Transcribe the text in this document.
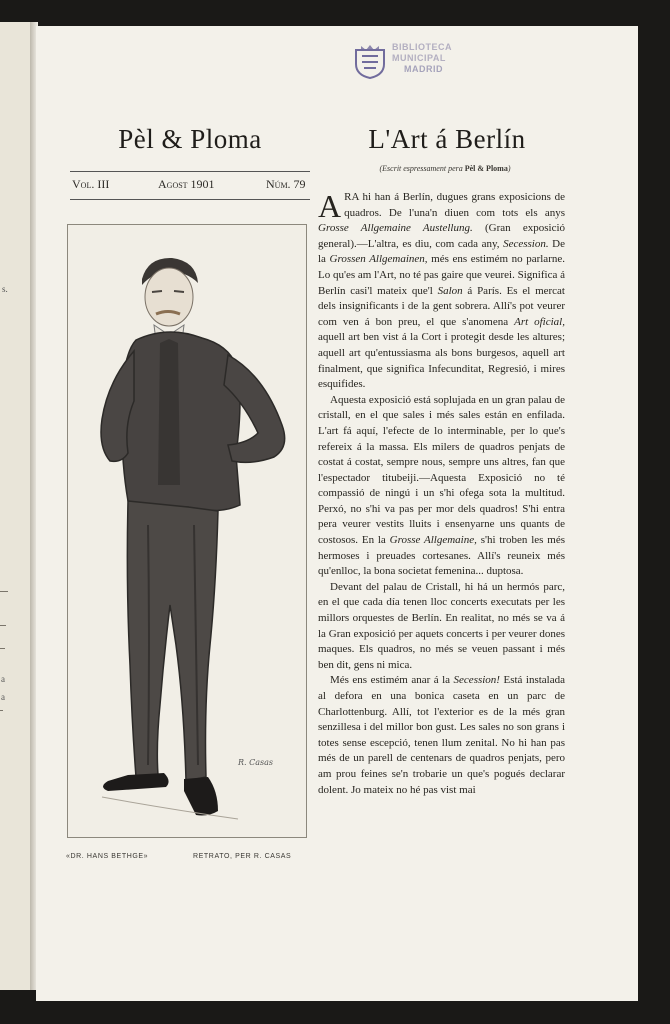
s.
a
a
BIBLIOTECA
MUNICIPAL
MADRID
Pèl & Ploma	L'Art á Berlín
Vol. III	Agost 1901	Núm. 79
(Escrit espressament pera Pèl & Ploma)
R. Casas
«DR. HANS BETHGE»	RETRATO, PER R. CASAS

ARA hi han á Berlín, dugues grans exposicions de quadros. De l'una'n diuen com tots els anys Grosse Allgemaine Austellung. (Gran exposició general).—L'altra, es diu, com cada any, Secession. De la Grossen Allgemainen, més ens estimém no parlarne. Lo qu'es am l'Art, no té pas gaire que veurei. Significa á Berlín casi'l mateix que'l Salon á París. Es el mercat dels insignificants i de la gent sobrera. Allí's pot veurer com ven á bon preu, el que s'anomena Art oficial, aquell art ben vist á la Cort i protegit desde les altures; aquell art qu'entussiasma als bons burgesos, aquell art finalment, que significa Infecunditat, Regresió, i mires esquifides.

Aquesta exposició está soplujada en un gran palau de cristall, en el que sales i més sales están en enfilada. L'art fá aquí, l'efecte de lo interminable, per lo que's refereix á la massa. Els milers de quadros penjats de costat á costat, sempre nous, sempre uns altres, fan que l'espectador titubeiji.—Aquesta Exposició no té compassió de ningú i un s'hi ofega sota la multitud. Perxó, no s'hi va pas per mor dels quadros! S'hi entra pera veurer vestits lluits i ensenyarne uns quants de costosos. En la Grosse Allgemaine, s'hi troben les més hermoses i preuades cortesanes. Allí's reuneix més qu'enlloc, la bona societat femenina... duptosa.

Devant del palau de Cristall, hi há un hermós parc, en el que cada día tenen lloc concerts executats per les millors orquestes de Berlín. En realitat, no més se va á la Gran exposició per aquets concerts i per veurer dones maques. Els quadros, no més se veuen passant i més ben dit, gens ni mica.

Més ens estimém anar á la Secession! Está instalada al defora en una bonica caseta en un parc de Charlottenburg. Allí, tot l'exterior es de la més gran senzillesa i del millor bon gust. Les sales no son grans i totes sense escepció, tenen llum zenital. No hi han pas més de un parell de centenars de quadros penjats, pero am prou feines se'n trobarie un que's pogués declarar dolent. Jo mateix no hé pas vist mai
